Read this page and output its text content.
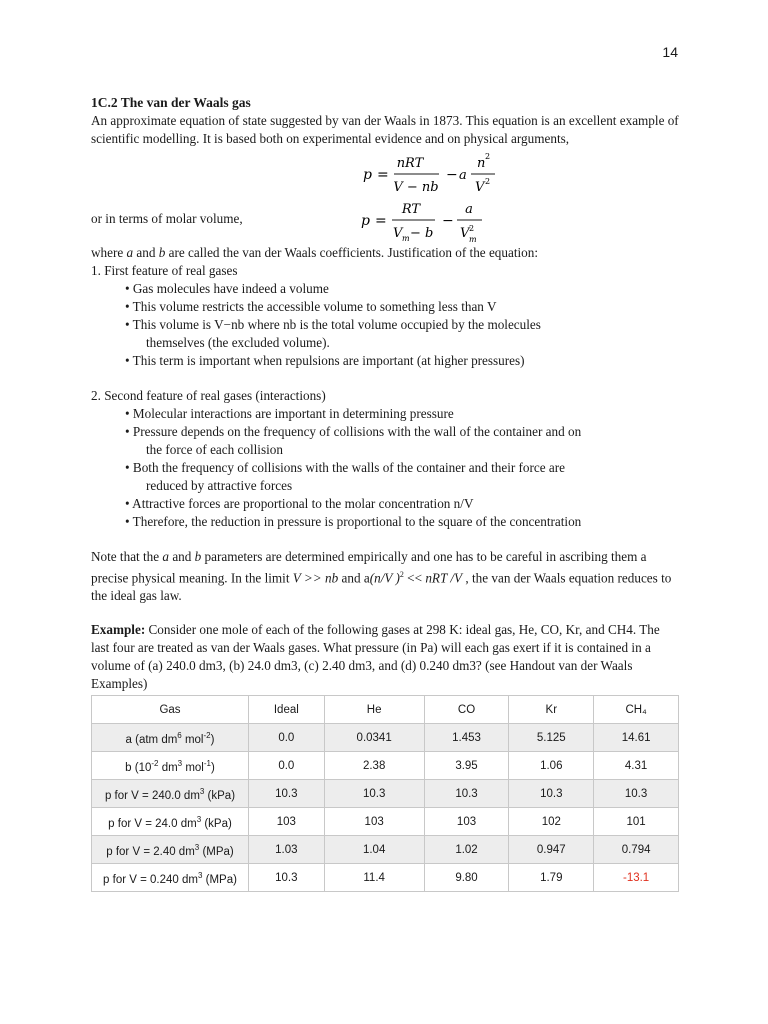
14

1C.2 The van der Waals gas

An approximate equation of state suggested by van der Waals in 1873. This equation is an excellent example of scientific modelling. It is based both on experimental evidence and on physical arguments,

p =
nRT
V − nb
− a
n 2
V 2
or in terms of molar volume,	p =
RT
V m − b
−
a
V m
2

where a and b are called the van der Waals coefficients. Justification of the equation:

1. First feature of real gases

• Gas molecules have indeed a volume

• This volume restricts the accessible volume to something less than V

• This volume is V−nb where nb is the total volume occupied by the molecules

themselves (the excluded volume).

• This term is important when repulsions are important (at higher pressures)

2. Second feature of real gases (interactions)

• Molecular interactions are important in determining pressure

• Pressure depends on the frequency of collisions with the wall of the container and on

the force of each collision

• Both the frequency of collisions with the walls of the container and their force are

reduced by attractive forces

• Attractive forces are proportional to the molar concentration n/V

• Therefore, the reduction in pressure is proportional to the square of the concentration

Note that the a and b parameters are determined empirically and one has to be careful in ascribing them a precise physical meaning. In the limit V >> nb and a(n/V )$^2$ << nRT /V , the van der Waals equation reduces to the ideal gas law.

Example: Consider one mole of each of the following gases at 298 K: ideal gas, He, CO, Kr, and CH4. The last four are treated as van der Waals gases. What pressure (in Pa) will each gas exert if it is contained in a volume of (a) 240.0 dm3, (b) 24.0 dm3, (c) 2.40 dm3, and (d) 0.240 dm3? (see Handout van der Waals Examples)

Gas	Ideal	He	CO	Kr	CH₄
a (atm $dm^6$ mol$^{-2}$)	0.0	0.0341	1.453	5.125	14.61
b ($10^{-2}$ $dm^3$ mol$^{-1}$)	0.0	2.38	3.95	1.06	4.31
p for V = 240.0 $dm^3$ (kPa)	10.3	10.3	10.3	10.3	10.3
p for V = 24.0 $dm^3$ (kPa)	103	103	103	102	101
p for V = 2.40 $dm^3$ (MPa)	1.03	1.04	1.02	0.947	0.794
p for V = 0.240 $dm^3$ (MPa)	10.3	11.4	9.80	1.79	-13.1
